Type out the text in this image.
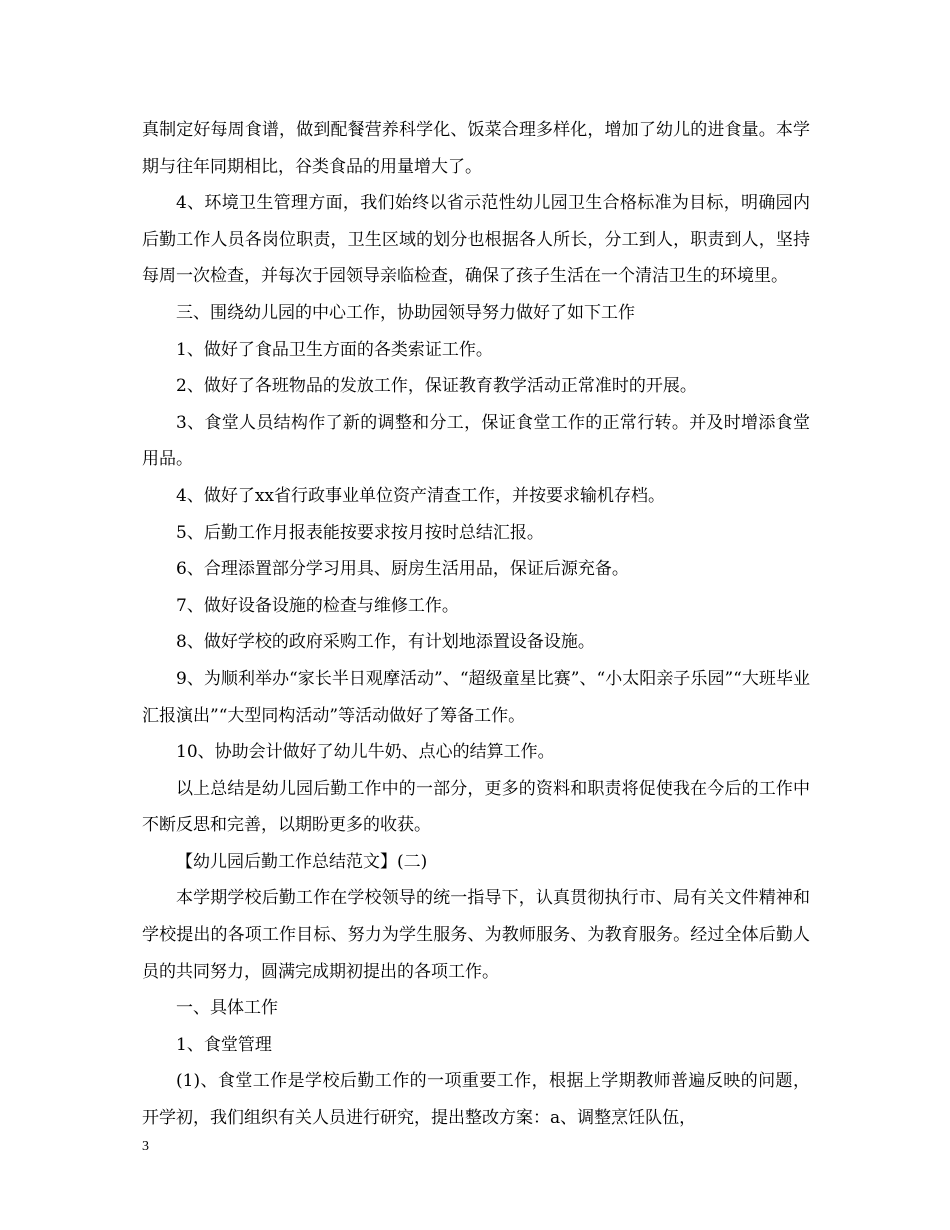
真制定好每周食谱，做到配餐营养科学化、饭菜合理多样化，增加了幼儿的进食量。本学期与往年同期相比，谷类食品的用量增大了。

4、环境卫生管理方面，我们始终以省示范性幼儿园卫生合格标准为目标，明确园内后勤工作人员各岗位职责，卫生区域的划分也根据各人所长，分工到人，职责到人，坚持每周一次检查，并每次于园领导亲临检查，确保了孩子生活在一个清洁卫生的环境里。

三、围绕幼儿园的中心工作，协助园领导努力做好了如下工作

1、做好了食品卫生方面的各类索证工作。

2、做好了各班物品的发放工作，保证教育教学活动正常准时的开展。

3、食堂人员结构作了新的调整和分工，保证食堂工作的正常行转。并及时增添食堂用品。

4、做好了xx省行政事业单位资产清查工作，并按要求输机存档。

5、后勤工作月报表能按要求按月按时总结汇报。

6、合理添置部分学习用具、厨房生活用品，保证后源充备。

7、做好设备设施的检查与维修工作。

8、做好学校的政府采购工作，有计划地添置设备设施。

9、为顺利举办“家长半日观摩活动”、“超级童星比赛”、“小太阳亲子乐园”“大班毕业汇报演出”“大型同构活动”等活动做好了筹备工作。

10、协助会计做好了幼儿牛奶、点心的结算工作。

以上总结是幼儿园后勤工作中的一部分，更多的资料和职责将促使我在今后的工作中不断反思和完善，以期盼更多的收获。

【幼儿园后勤工作总结范文】(二)

本学期学校后勤工作在学校领导的统一指导下，认真贯彻执行市、局有关文件精神和学校提出的各项工作目标、努力为学生服务、为教师服务、为教育服务。经过全体后勤人员的共同努力，圆满完成期初提出的各项工作。

一、具体工作

1、食堂管理

(1)、食堂工作是学校后勤工作的一项重要工作，根据上学期教师普遍反映的问题，开学初，我们组织有关人员进行研究，提出整改方案：a、调整烹饪队伍，

3
